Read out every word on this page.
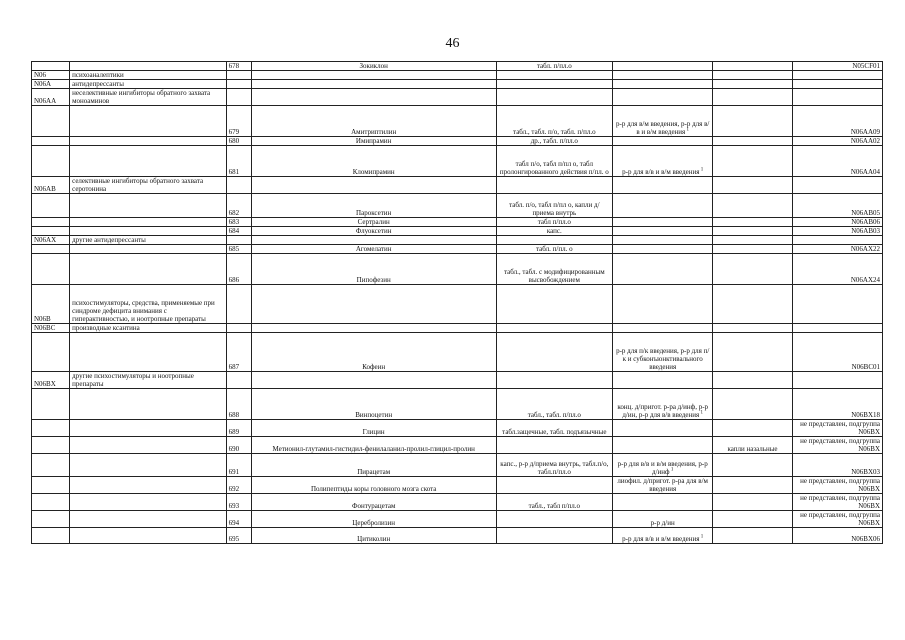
46
		678	Зокиклон	табл. п/пл.о			N05CF01
N06	психоаналептики						
N06A	антидепрессанты						
N06AA	неселективные ингибиторы обратного захвата моноаминов						
		679	Амитриптилин	табл., табл. п/о, табл. п/пл.о	р-р для в/м введения, р-р для в/в и в/м введения $^1$		N06AA09
		680	Имипрамин	др., табл. п/пл.о			N06AA02
		681	Кломипрамин	табл п/о, табл п/пл о, табл пролонгированного действия п/пл. о	р-р для в/в и в/м введения $^1$		N06AA04
N06AB	селективные ингибиторы обратного захвата серотонина						
		682	Пароксетин	табл. п/о, табл п/пл о, капли д/приема внутрь			N06AB05
		683	Сертралин	табл п/пл.о			N06AB06
		684	Флуоксетин	капс.			N06AB03
N06AX	другие антидепрессанты						
		685	Агомелатин	табл. п/пл. о			N06AX22
		686	Пипофезин	табл., табл. с модифицированным высвобождением			N06AX24
N06B	психостимуляторы, средства, применяемые при синдроме дефицита внимания с гиперактивностью, и ноотропные препараты						
N06BC	производные ксантина						
		687	Кофеин		р-р для п/к введения, р-р для п/к и субконъюнктивального введения		N06BC01
N06BX	другие психостимуляторы и ноотропные препараты						
		688	Винпоцетин	табл., табл. п/пл.о	конц. д/пригот. р-ра д/инф, р-р д/ин, р-р для в/в введения $^1$		N06BX18
		689	Глицин	табл.защечные, табл. подъязычные			не представлен, подгруппа N06BX
		690	Метионил-глутамил-гистидил-фенилаланил-пролил-глицил-пролин			капли назальные	не представлен, подгруппа N06BX
		691	Пирацетам	капс., р-р д/приема внутрь, табл.п/о, табл.п/пл.о	р-р для в/в и в/м введения, р-р д/инф $^1$		N06BX03
		692	Полипептиды коры головного мозга скота		лиофил. д/пригот. р-ра для в/м введения		не представлен, подгруппа N06BX
		693	Фонтурацетам	табл., табл п/пл.о			не представлен, подгруппа N06BX
		694	Церебролизин		р-р д/ин		не представлен, подгруппа N06BX
		695	Цитиколин		р-р для в/в и в/м введения $^1$		N06BX06
